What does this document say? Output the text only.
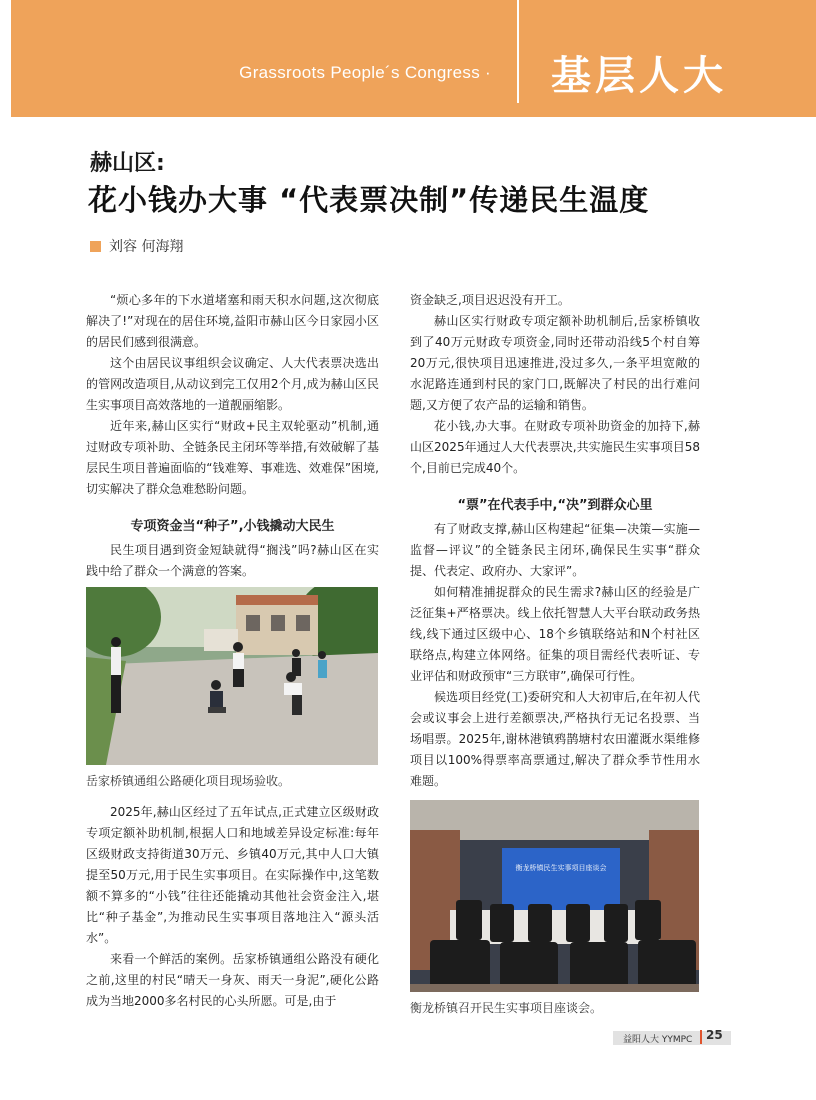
Grassroots People´s Congress · 基层人大
赫山区:
花小钱办大事 “代表票决制”传递民生温度
刘容 何海翔

“烦心多年的下水道堵塞和雨天积水问题,这次彻底解决了!”对现在的居住环境,益阳市赫山区今日家园小区的居民们感到很满意。

这个由居民议事组织会议确定、人大代表票决选出的管网改造项目,从动议到完工仅用2个月,成为赫山区民生实事项目高效落地的一道靓丽缩影。

近年来,赫山区实行“财政+民主双轮驱动”机制,通过财政专项补助、全链条民主闭环等举措,有效破解了基层民生项目普遍面临的“钱难筹、事难选、效难保”困境,切实解决了群众急难愁盼问题。

专项资金当“种子”,小钱撬动大民生

民生项目遇到资金短缺就得“搁浅”吗?赫山区在实践中给了群众一个满意的答案。

岳家桥镇通组公路硬化项目现场验收。

2025年,赫山区经过了五年试点,正式建立区级财政专项定额补助机制,根据人口和地域差异设定标准:每年区级财政支持街道30万元、乡镇40万元,其中人口大镇提至50万元,用于民生实事项目。在实际操作中,这笔数额不算多的“小钱”往往还能撬动其他社会资金注入,堪比“种子基金”,为推动民生实事项目落地注入“源头活水”。

来看一个鲜活的案例。岳家桥镇通组公路没有硬化之前,这里的村民“晴天一身灰、雨天一身泥”,硬化公路成为当地2000多名村民的心头所愿。可是,由于

资金缺乏,项目迟迟没有开工。

赫山区实行财政专项定额补助机制后,岳家桥镇收到了40万元财政专项资金,同时还带动沿线5个村自筹20万元,很快项目迅速推进,没过多久,一条平坦宽敞的水泥路连通到村民的家门口,既解决了村民的出行难问题,又方便了农产品的运输和销售。

花小钱,办大事。在财政专项补助资金的加持下,赫山区2025年通过人大代表票决,共实施民生实事项目58个,目前已完成40个。

“票”在代表手中,“决”到群众心里

有了财政支撑,赫山区构建起“征集—决策—实施—监督—评议”的全链条民主闭环,确保民生实事“群众提、代表定、政府办、大家评”。

如何精准捕捉群众的民生需求?赫山区的经验是广泛征集+严格票决。线上依托智慧人大平台联动政务热线,线下通过区级中心、18个乡镇联络站和N个村社区联络点,构建立体网络。征集的项目需经代表听证、专业评估和财政预审“三方联审”,确保可行性。

候选项目经党(工)委研究和人大初审后,在年初人代会或议事会上进行差额票决,严格执行无记名投票、当场唱票。2025年,谢林港镇鸦鹊塘村农田灌溉水渠维修项目以100%得票率高票通过,解决了群众季节性用水难题。

衡龙桥镇民生实事项目座谈会

衡龙桥镇召开民生实事项目座谈会。

益阳人大 YYMPC	25
